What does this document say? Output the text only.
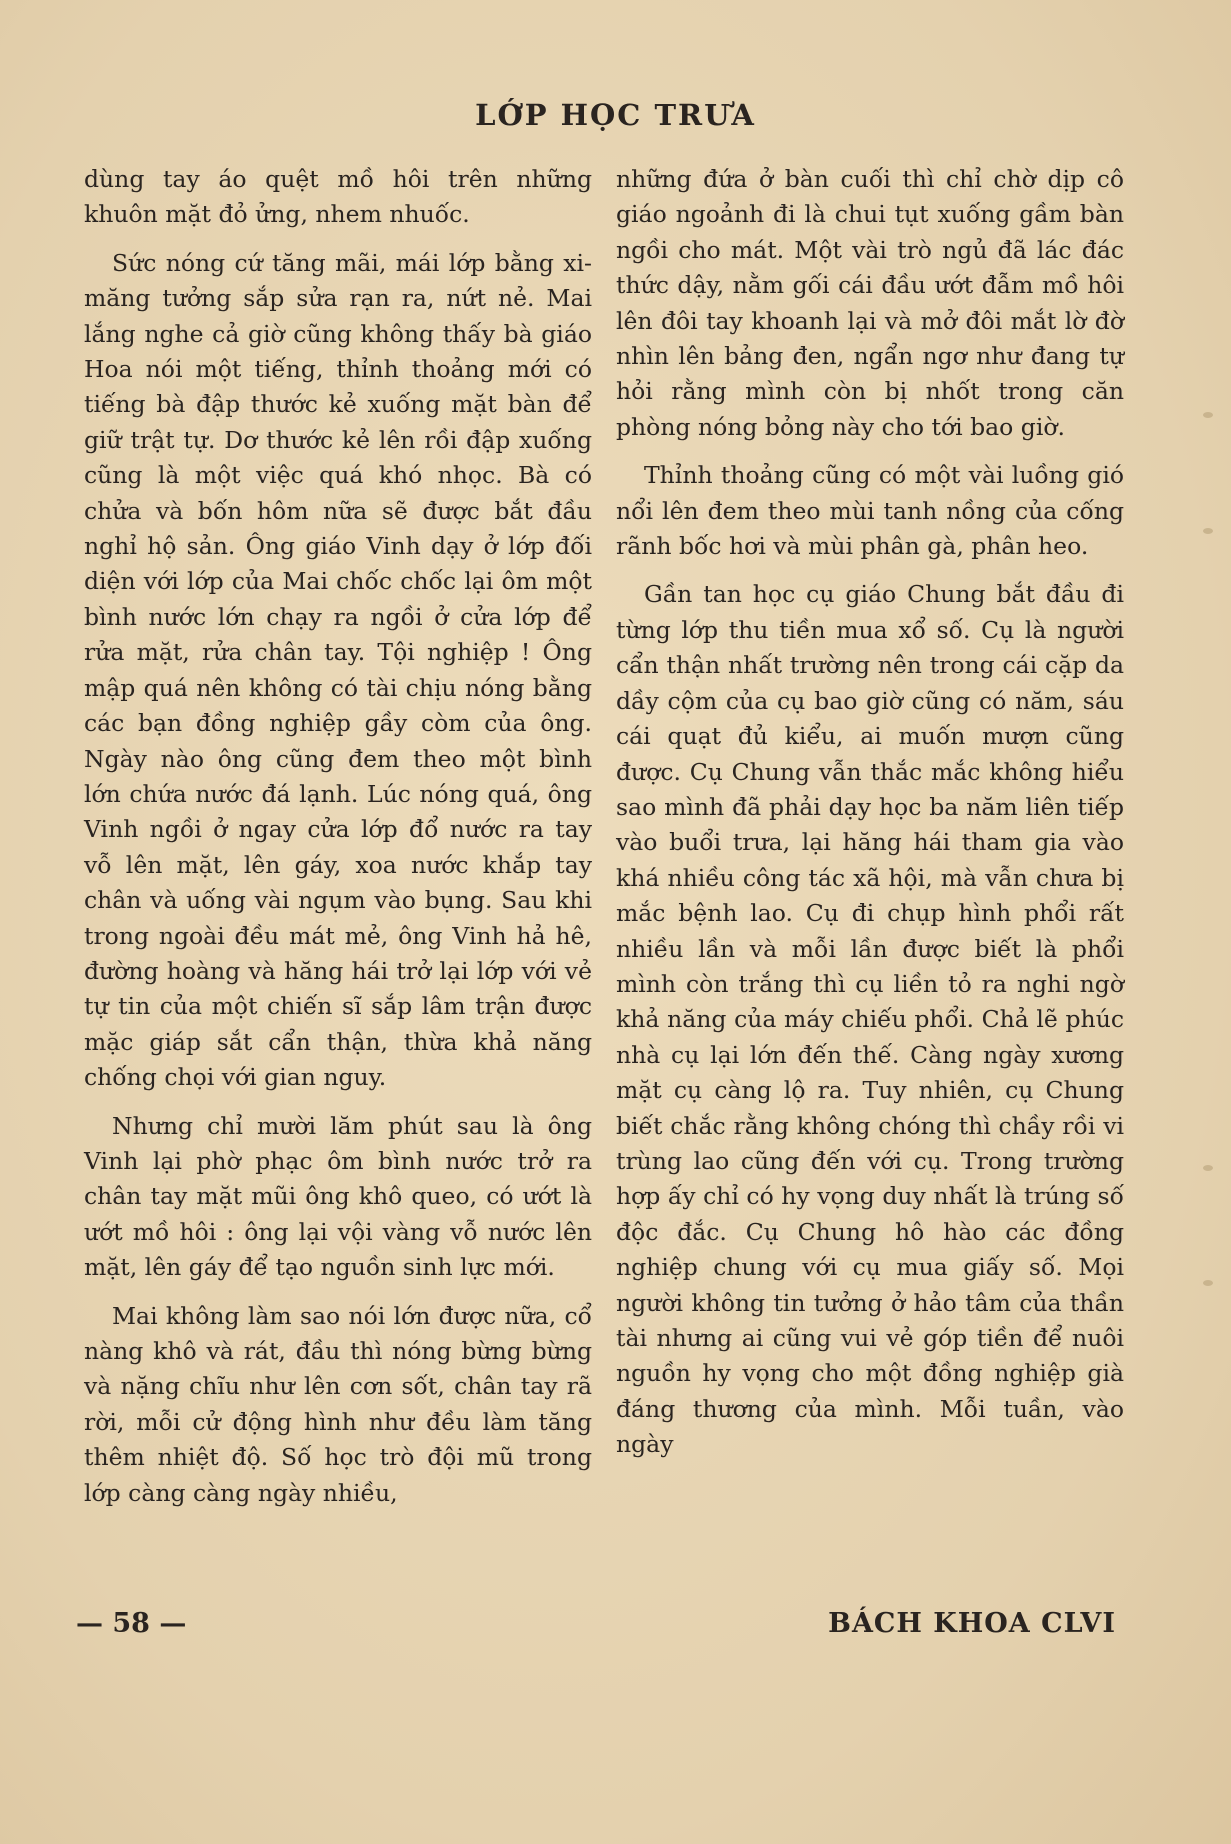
LỚP HỌC TRƯA

dùng tay áo quệt mồ hôi trên những khuôn mặt đỏ ửng, nhem nhuốc.

Sức nóng cứ tăng mãi, mái lớp bằng xi-măng tưởng sắp sửa rạn ra, nứt nẻ. Mai lắng nghe cả giờ cũng không thấy bà giáo Hoa nói một tiếng, thỉnh thoảng mới có tiếng bà đập thước kẻ xuống mặt bàn để giữ trật tự. Dơ thước kẻ lên rồi đập xuống cũng là một việc quá khó nhọc. Bà có chửa và bốn hôm nữa sẽ được bắt đầu nghỉ hộ sản. Ông giáo Vinh dạy ở lớp đối diện với lớp của Mai chốc chốc lại ôm một bình nước lớn chạy ra ngồi ở cửa lớp để rửa mặt, rửa chân tay. Tội nghiệp ! Ông mập quá nên không có tài chịu nóng bằng các bạn đồng nghiệp gầy còm của ông. Ngày nào ông cũng đem theo một bình lớn chứa nước đá lạnh. Lúc nóng quá, ông Vinh ngồi ở ngay cửa lớp đổ nước ra tay vỗ lên mặt, lên gáy, xoa nước khắp tay chân và uống vài ngụm vào bụng. Sau khi trong ngoài đều mát mẻ, ông Vinh hả hê, đường hoàng và hăng hái trở lại lớp với vẻ tự tin của một chiến sĩ sắp lâm trận được mặc giáp sắt cẩn thận, thừa khả năng chống chọi với gian nguy.

Nhưng chỉ mười lăm phút sau là ông Vinh lại phờ phạc ôm bình nước trở ra chân tay mặt mũi ông khô queo, có ướt là ướt mồ hôi : ông lại vội vàng vỗ nước lên mặt, lên gáy để tạo nguồn sinh lực mới.

Mai không làm sao nói lớn được nữa, cổ nàng khô và rát, đầu thì nóng bừng bừng và nặng chĩu như lên cơn sốt, chân tay rã rời, mỗi cử động hình như đều làm tăng thêm nhiệt độ. Số học trò đội mũ trong lớp càng càng ngày nhiều,

những đứa ở bàn cuối thì chỉ chờ dịp cô giáo ngoảnh đi là chui tụt xuống gầm bàn ngồi cho mát. Một vài trò ngủ đã lác đác thức dậy, nằm gối cái đầu ướt đẫm mồ hôi lên đôi tay khoanh lại và mở đôi mắt lờ đờ nhìn lên bảng đen, ngẩn ngơ như đang tự hỏi rằng mình còn bị nhốt trong căn phòng nóng bỏng này cho tới bao giờ.

Thỉnh thoảng cũng có một vài luồng gió nổi lên đem theo mùi tanh nồng của cống rãnh bốc hơi và mùi phân gà, phân heo.

Gần tan học cụ giáo Chung bắt đầu đi từng lớp thu tiền mua xổ số. Cụ là người cẩn thận nhất trường nên trong cái cặp da dầy cộm của cụ bao giờ cũng có năm, sáu cái quạt đủ kiểu, ai muốn mượn cũng được. Cụ Chung vẫn thắc mắc không hiểu sao mình đã phải dạy học ba năm liên tiếp vào buổi trưa, lại hăng hái tham gia vào khá nhiều công tác xã hội, mà vẫn chưa bị mắc bệnh lao. Cụ đi chụp hình phổi rất nhiều lần và mỗi lần được biết là phổi mình còn trắng thì cụ liền tỏ ra nghi ngờ khả năng của máy chiếu phổi. Chả lẽ phúc nhà cụ lại lớn đến thế. Càng ngày xương mặt cụ càng lộ ra. Tuy nhiên, cụ Chung biết chắc rằng không chóng thì chầy rồi vi trùng lao cũng đến với cụ. Trong trường hợp ấy chỉ có hy vọng duy nhất là trúng số độc đắc. Cụ Chung hô hào các đồng nghiệp chung với cụ mua giấy số. Mọi người không tin tưởng ở hảo tâm của thần tài nhưng ai cũng vui vẻ góp tiền để nuôi nguồn hy vọng cho một đồng nghiệp già đáng thương của mình. Mỗi tuần, vào ngày

— 58 —	BÁCH KHOA CLVI
